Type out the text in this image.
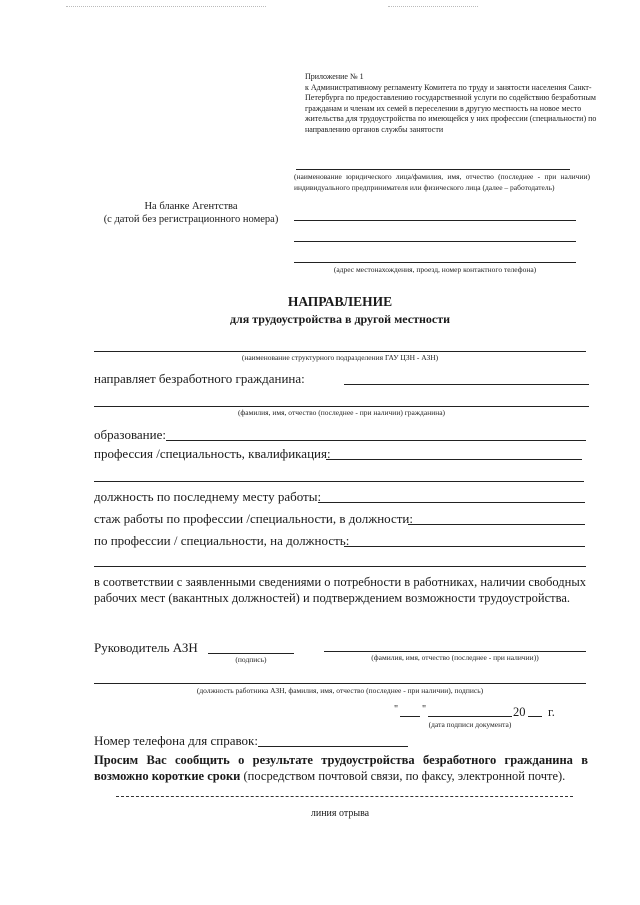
Приложение № 1
к Административному регламенту Комитета по труду и занятости населения Санкт-Петербурга по предоставлению государственной услуги по содействию безработным гражданам и членам их семей в переселении в другую местность на новое место жительства для трудоустройства по имеющейся у них профессии (специальности) по направлению органов службы занятости
(наименование юридического лица/фамилия, имя, отчество (последнее - при наличии) индивидуального предпринимателя или физического лица (далее – работодатель)
На бланке Агентства
(с датой без регистрационного номера)
(адрес местонахождения, проезд, номер контактного телефона)
НАПРАВЛЕНИЕ
для трудоустройства в другой местности
(наименование структурного подразделения ГАУ ЦЗН - АЗН)
направляет безработного гражданина:
(фамилия, имя, отчество (последнее - при наличии) гражданина)
образование:
профессия /специальность, квалификация:
должность по последнему месту работы:
стаж работы по профессии /специальности, в должности:
по профессии / специальности, на должность:
в соответствии с заявленными сведениями о потребности в работниках, наличии свободных рабочих мест (вакантных должностей) и подтверждением возможности трудоустройства.
Руководитель АЗН
(подпись)	(фамилия, имя, отчество (последнее - при наличии))
(должность работника АЗН, фамилия, имя, отчество (последнее - при наличии), подпись)
" "	20 г.
(дата подписи документа)
Номер телефона для справок:
Просим Вас сообщить о результате трудоустройства безработного гражданина в возможно короткие сроки (посредством почтовой связи, по факсу, электронной почте).
линия отрыва
